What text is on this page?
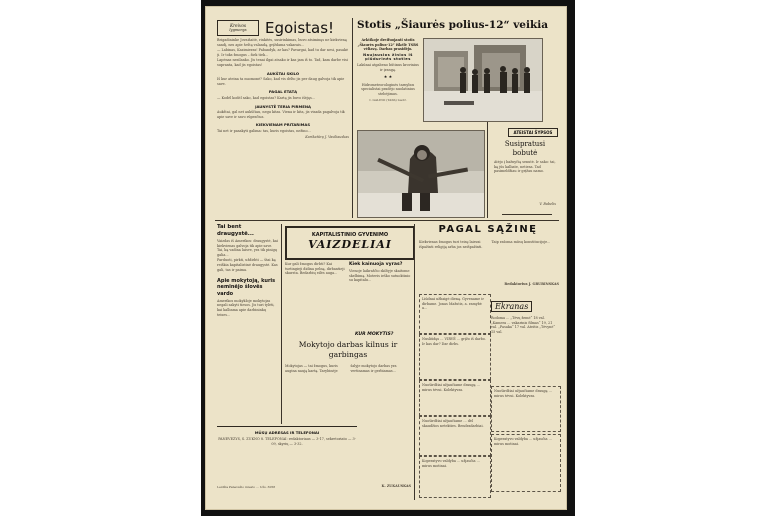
Kreivos
lygmenys	Egoistas!

Brigadininke Jovaišaitė, rinkitės, susirinkimas, buvo atsiminęs ne kiekvieną sandį, nes apie šeštą valandą, grįždama vakarais...

— Labinas, Kazimieras! Pabandyk, ar kas? Pavargai, kad tu dar nesi, pasakė ji. Ir toks žmogus – šiek tiek...

Lapėnas nesilanko. Jis tenai ilgai atsako ir kas jam iš to. Tad, kam darbe visi supranta, kad jis egoistas!

AUKŠTAI SKILO

Iš kur ateina ta nuomonė? Sako, kad vis dėlto jis per daug galvoja tik apie save.

PAGAL ETATĄ

— Kodėl kodėl sako, kad egoistas? Kartą jis buvo išėjęs...

JAUNYSTĖ TERIA PIRMENĄ

Aukštai, gal net aukščiau, negu kitas. Viena ir kita, jis visada pagalvoja tik apie save ir savo rūpesčius.

KIEKVIENAM PRITARIMAS

Tai net ir pasakyti galima: tas, kuris egoistas, nežino...

Karikatūrą J. Vasiliauskas

Stotis „Šiaurės polius-12“ veikia

Arktikoje dreifuojanti stotis „Šiaurės polius-12“ iškėlė TSRS vėliavą. Darbas prasidėjo.

Naujausios žinios iš plūdurinės stoties

Lakūnai atgabeno būtinus krovinius ir įrangą.

★ ★

Hidrometeorologinės tarnybos specialistai pradėjo nuolatinius stebėjimus.

I. GALINO (TASS) nuotr.

ATEISTAI ŠYPSOS
Susipratusi
bobutė
Atėjo į bažnyčią senutė. Ir sako: tai, ką jūs kalbate, netiesa. Tad pasimeldžiau ir grįžau namo.
V. Babelis

Tai bent draugystė...

Vaizdas iš Amerikos: draugystė, kai kiekvienas galvoja tik apie save. Tai, ką vadina laisve, yra tik pinigų galia...

Parduoti, pirkti, uždirbti — štai ką reiškia kapitalistinė draugystė. Kas gali, tas ir paima.

Apie mokytoją, kuris neminėjo šlovės vardo

Amerikos mokykloje mokytojas negali sakyti tiesos. Jis turi tylėti, kai kalbama apie darbininkų teises...

MŪSŲ ADRESAS IR TELEFONAI
PANEVĖŽYS, S. ŽUKNO 8. TELEFONAI: redaktoriaus — 3-17, sekretoriato — 3-09, skyrių — 3-32.
Leidžia Panevėžio miesto ... Užs. 3058
KAPITALISTINIO GYVENIMO
VAIZDELIAI
Kur gali žmogus dirbti? Kai turtingieji didina pelną, dirbantieji skursta. Bedarbių eilės auga...
Kiek kainuoja vyras?
Vienoje laikraščio skiltyje skaitome skelbimą. Moteris ieško sutuoktinio su kapitalu...
KUR MOKYTIS?
Mokytojo darbas kilnus ir
garbingas
Mokytojas — tai žmogus, kuris augina naują kartą. Tarybinėje šalyje mokytojo darbas yra vertinamas ir gerbiamas...
K. ŽUKAUSKAS
PAGAL SĄŽINĘ
Kiekvienas žmogus turi teisę laisvai išpažinti religiją arba jos neišpažinti. Taip rašoma mūsų konstitucijoje...
Redaktorius J. GRUBINSKAS
Liūdnai užbaigė dieną. Gyvename ir dirbame. Jonas Mažutis, a. ramybė a...
Nusliūdęs ... VIRVĖ ... grįžo iš darbo. Ir kas dar? Dar dirbs.
Nuoširdžiai užjaučiame draugą ... mirus tėvui. Kolektyvas.
Nuoširdžiai užjaučiame ... dėl skaudžios netekties. Bendradarbiai.
Koperatyvo valdyba ... užjaučia ... mirus motinai.
Ekranas
Rodoma ... „Tėvų žemė“ 18 val. „Kamera ... vakarinis filmas“ 19, 21 val. „Pasaka“ 17 val. Ateitis „Tėvynė“ 15 val.
Nuoširdžiai užjaučiame draugą ... mirus tėvui. Kolektyvas.
Koperatyvo valdyba ... užjaučia ... mirus motinai.
